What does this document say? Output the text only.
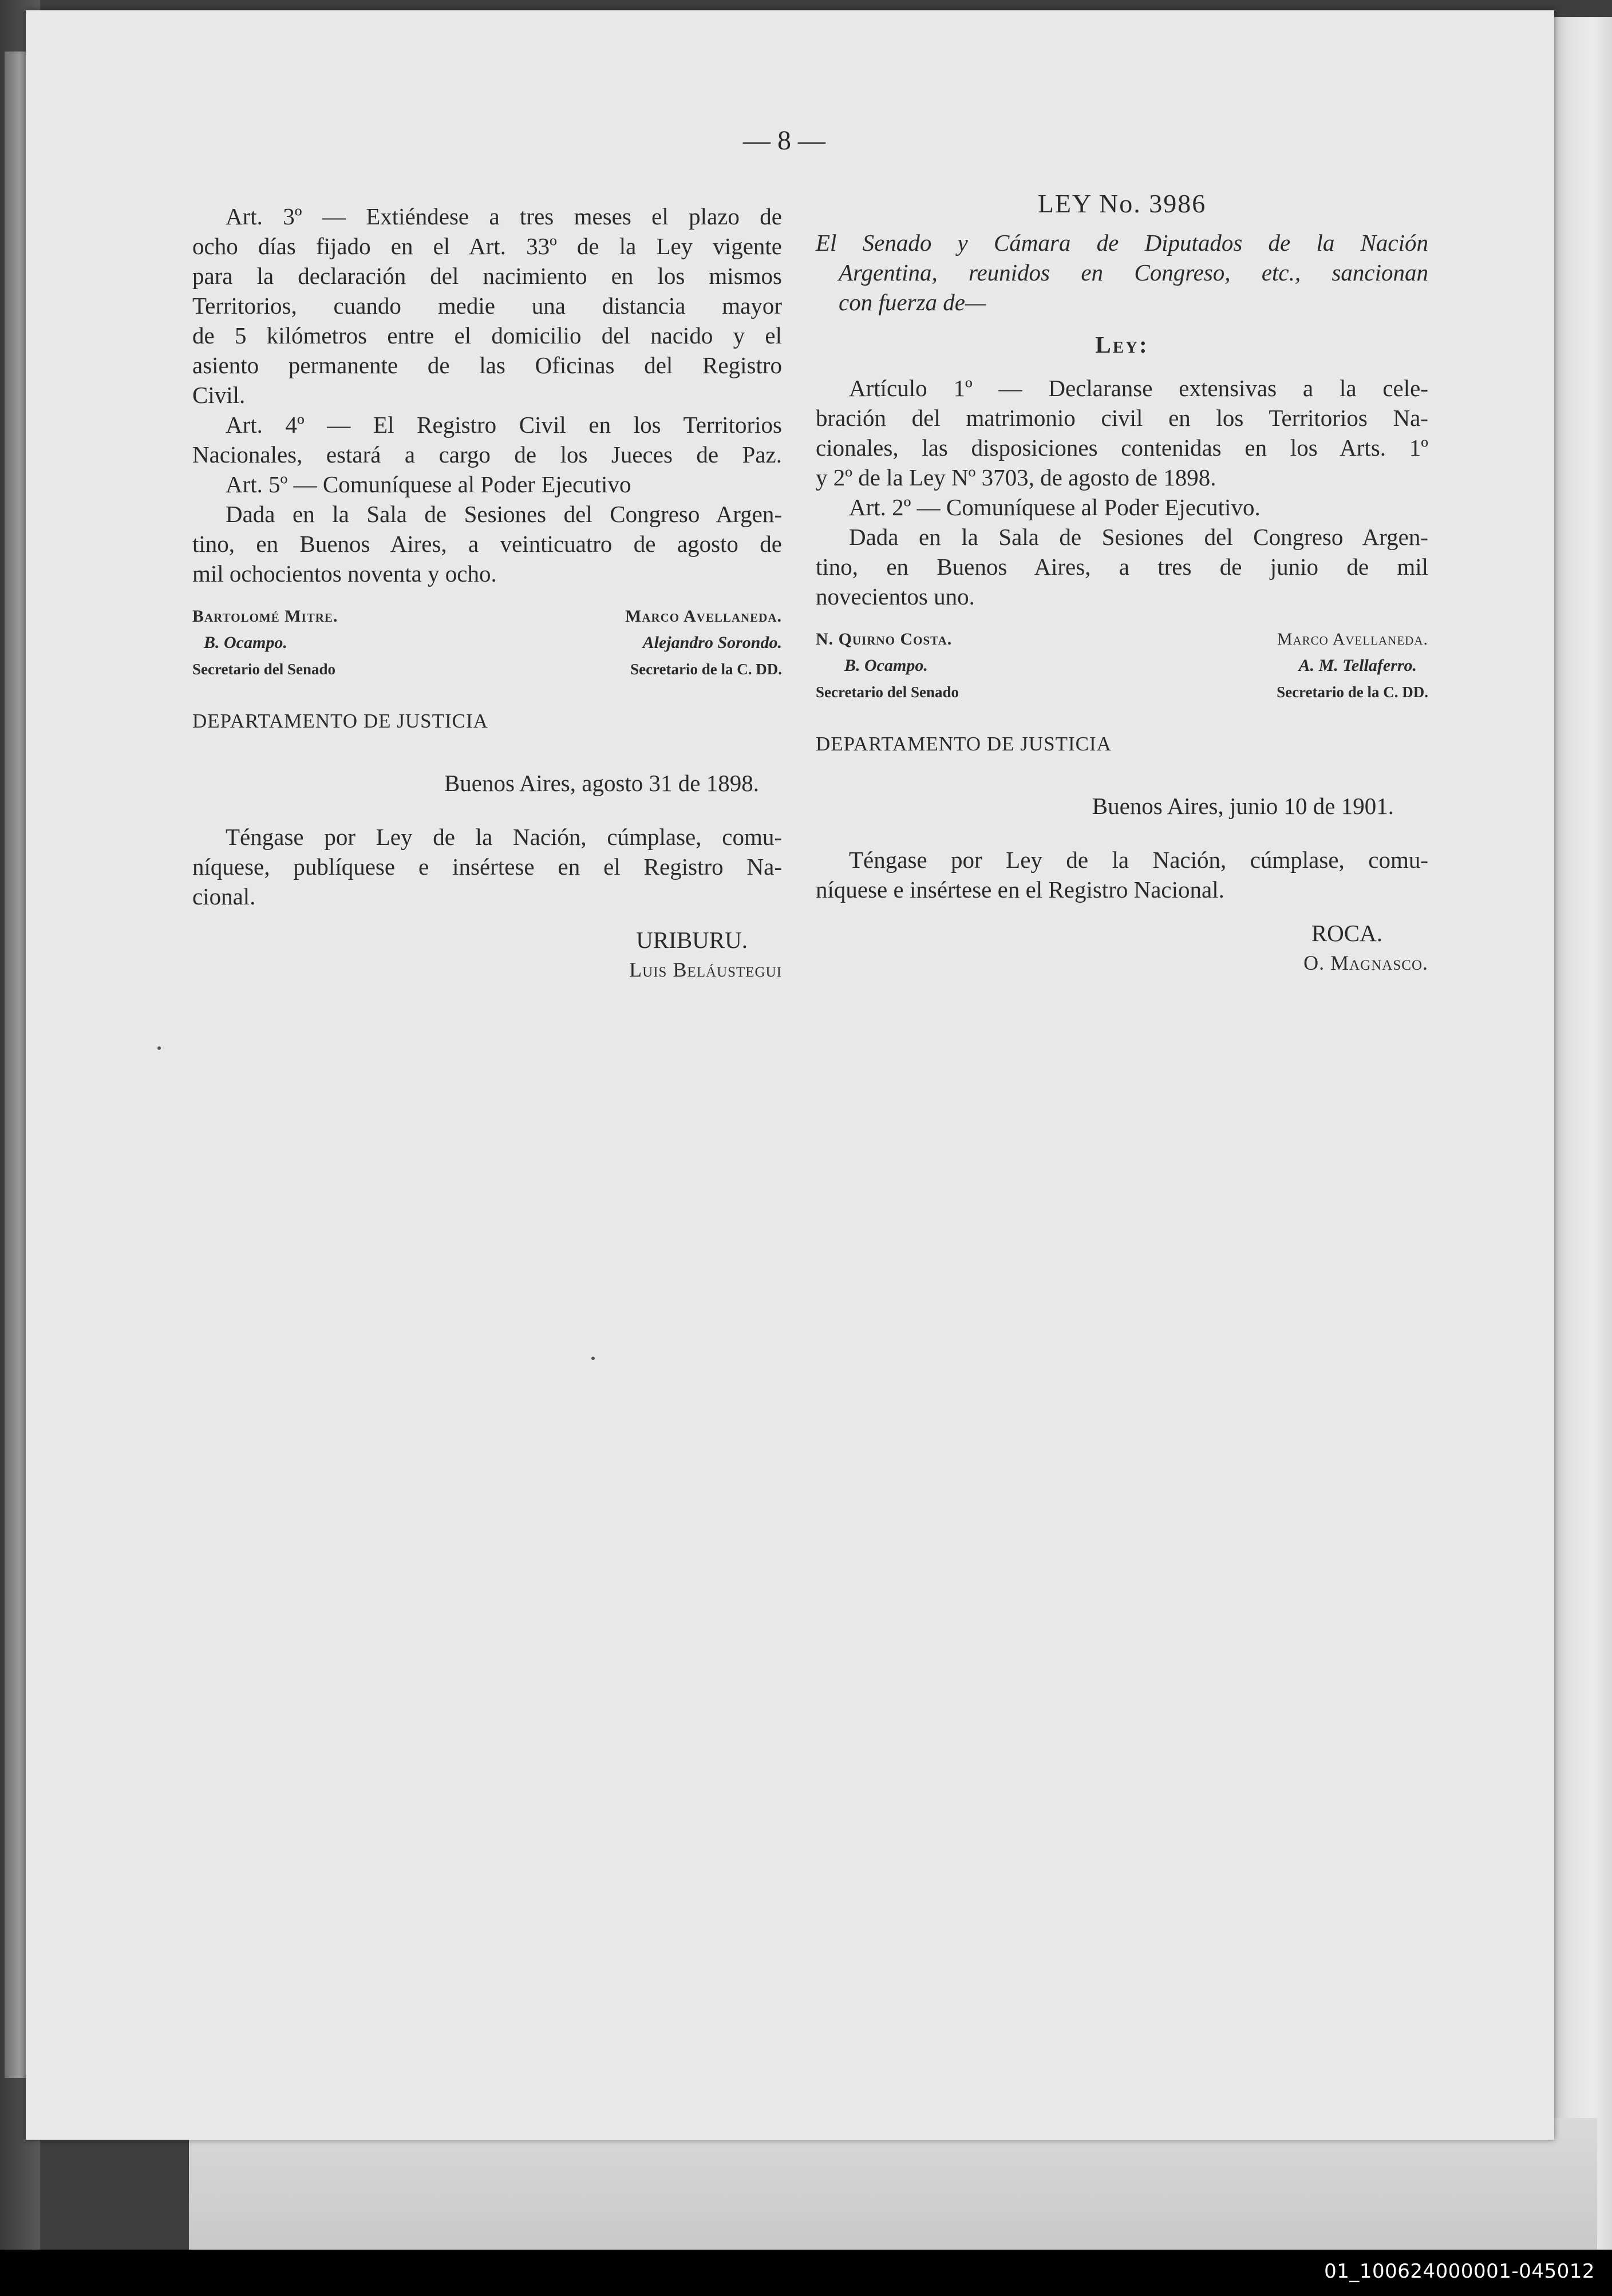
— 8 —
Art. 3º — Extiéndese a tres meses el plazo de
ocho días fijado en el Art. 33º de la Ley vigente
para la declaración del nacimiento en los mismos
Territorios, cuando medie una distancia mayor
de 5 kilómetros entre el domicilio del nacido y el
asiento permanente de las Oficinas del Registro
Civil.
Art. 4º — El Registro Civil en los Territorios
Nacionales, estará a cargo de los Jueces de Paz.
Art. 5º — Comuníquese al Poder Ejecutivo
Dada en la Sala de Sesiones del Congreso Argen-
tino, en Buenos Aires, a veinticuatro de agosto de
mil ochocientos noventa y ocho.
Bartolomé Mitre.
B. Ocampo.
Secretario del Senado
Marco Avellaneda.
Alejandro Sorondo.
Secretario de la C. DD.
DEPARTAMENTO DE JUSTICIA
Buenos Aires, agosto 31 de 1898.
Téngase por Ley de la Nación, cúmplase, comu-
níquese, publíquese e insértese en el Registro Na-
cional.
URIBURU.
Luis Beláustegui
LEY No. 3986
El Senado y Cámara de Diputados de la Nación
Argentina, reunidos en Congreso, etc., sancionan
con fuerza de—
Ley:
Artículo 1º — Declaranse extensivas a la cele-
bración del matrimonio civil en los Territorios Na-
cionales, las disposiciones contenidas en los Arts. 1º
y 2º de la Ley Nº 3703, de agosto de 1898.
Art. 2º — Comuníquese al Poder Ejecutivo.
Dada en la Sala de Sesiones del Congreso Argen-
tino, en Buenos Aires, a tres de junio de mil
novecientos uno.
N. Quirno Costa.
B. Ocampo.
Secretario del Senado
Marco Avellaneda.
A. M. Tellaferro.
Secretario de la C. DD.
DEPARTAMENTO DE JUSTICIA
Buenos Aires, junio 10 de 1901.
Téngase por Ley de la Nación, cúmplase, comu-
níquese e insértese en el Registro Nacional.
ROCA.
O. Magnasco.
01_100624000001-045012
